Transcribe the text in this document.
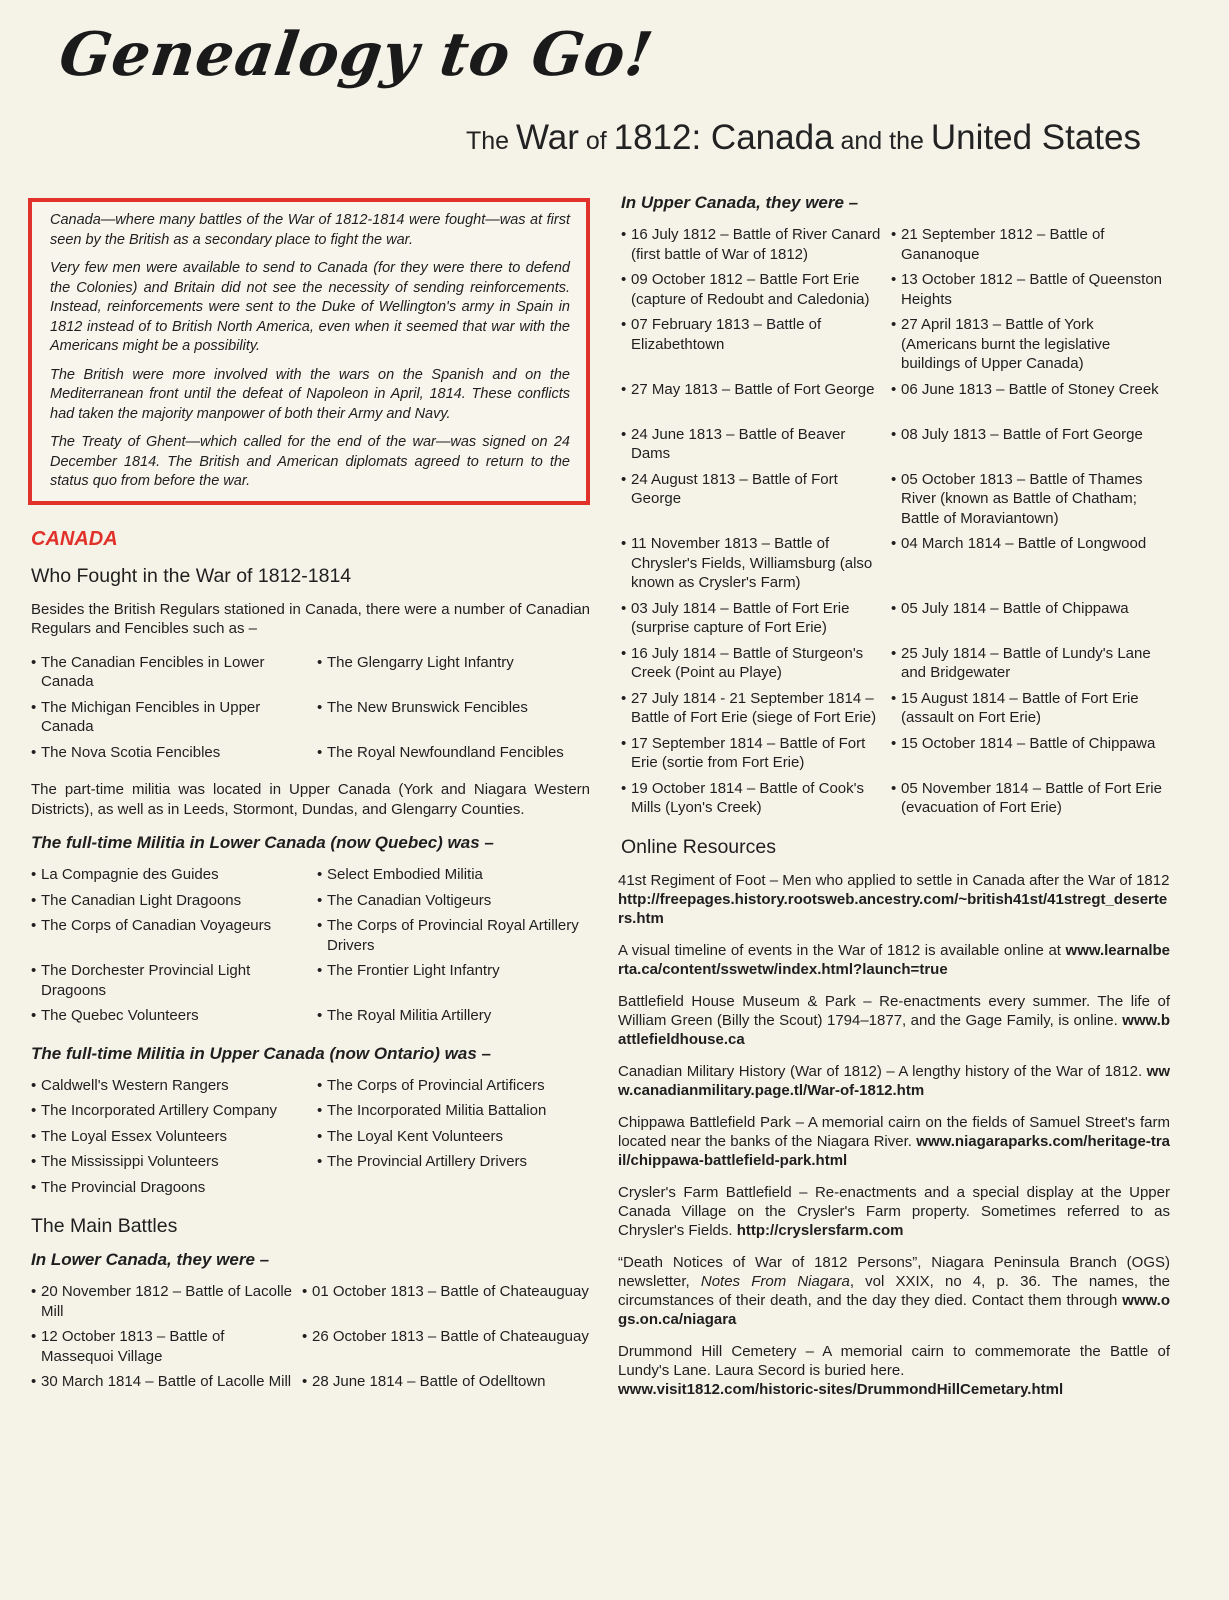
Genealogy to Go!
The War of 1812: Canada and the United States

Canada—where many battles of the War of 1812-1814 were fought—was at first seen by the British as a secondary place to fight the war.

Very few men were available to send to Canada (for they were there to defend the Colonies) and Britain did not see the necessity of sending reinforcements. Instead, reinforcements were sent to the Duke of Wellington's army in Spain in 1812 instead of to British North America, even when it seemed that war with the Americans might be a possibility.

The British were more involved with the wars on the Spanish and on the Mediterranean front until the defeat of Napoleon in April, 1814. These conflicts had taken the majority manpower of both their Army and Navy.

The Treaty of Ghent—which called for the end of the war—was signed on 24 December 1814. The British and American diplomats agreed to return to the status quo from before the war.

CANADA
Who Fought in the War of 1812-1814

Besides the British Regulars stationed in Canada, there were a number of Canadian Regulars and Fencibles such as –

• The Canadian Fencibles in Lower Canada
• The Glengarry Light Infantry
• The Michigan Fencibles in Upper Canada
• The New Brunswick Fencibles
• The Nova Scotia Fencibles	• The Royal Newfoundland Fencibles

The part-time militia was located in Upper Canada (York and Niagara Western Districts), as well as in Leeds, Stormont, Dundas, and Glengarry Counties.

The full-time Militia in Lower Canada (now Quebec) was –
• La Compagnie des Guides	• Select Embodied Militia
• The Canadian Light Dragoons	• The Canadian Voltigeurs
• The Corps of Canadian Voyageurs	• The Corps of Provincial Royal Artillery Drivers
• The Dorchester Provincial Light Dragoons
• The Frontier Light Infantry
• The Quebec Volunteers	• The Royal Militia Artillery
The full-time Militia in Upper Canada (now Ontario) was –
• Caldwell's Western Rangers	• The Corps of Provincial Artificers
• The Incorporated Artillery Company	• The Incorporated Militia Battalion
• The Loyal Essex Volunteers	• The Loyal Kent Volunteers
• The Mississippi Volunteers	• The Provincial Artillery Drivers
• The Provincial Dragoons
The Main Battles
In Lower Canada, they were –
• 20 November 1812 – Battle of Lacolle Mill
• 01 October 1813 – Battle of Chateauguay
• 12 October 1813 – Battle of Massequoi Village
• 26 October 1813 – Battle of Chateauguay
• 30 March 1814 – Battle of Lacolle Mill	• 28 June 1814 – Battle of Odelltown
In Upper Canada, they were –
• 16 July 1812 – Battle of River Canard (first battle of War of 1812)
• 21 September 1812 – Battle of Gananoque
• 09 October 1812 – Battle Fort Erie (capture of Redoubt and Caledonia)
• 13 October 1812 – Battle of Queenston Heights
• 07 February 1813 – Battle of Elizabethtown
• 27 April 1813 – Battle of York (Americans burnt the legislative buildings of Upper Canada)
• 27 May 1813 – Battle of Fort George	• 06 June 1813 – Battle of Stoney Creek
• 24 June 1813 – Battle of Beaver Dams
• 08 July 1813 – Battle of Fort George
• 24 August 1813 – Battle of Fort George
• 05 October 1813 – Battle of Thames River (known as Battle of Chatham; Battle of Moraviantown)
• 11 November 1813 – Battle of Chrysler's Fields, Williamsburg (also known as Crysler's Farm)
• 04 March 1814 – Battle of Longwood
• 03 July 1814 – Battle of Fort Erie (surprise capture of Fort Erie)
• 05 July 1814 – Battle of Chippawa
• 16 July 1814 – Battle of Sturgeon's Creek (Point au Playe)
• 25 July 1814 – Battle of Lundy's Lane and Bridgewater
• 27 July 1814 - 21 September 1814 – Battle of Fort Erie (siege of Fort Erie)
• 15 August 1814 – Battle of Fort Erie (assault on Fort Erie)
• 17 September 1814 – Battle of Fort Erie (sortie from Fort Erie)
• 15 October 1814 – Battle of Chippawa
• 19 October 1814 – Battle of Cook's Mills (Lyon's Creek)
• 05 November 1814 – Battle of Fort Erie (evacuation of Fort Erie)
Online Resources

41st Regiment of Foot – Men who applied to settle in Canada after the War of 1812
http://freepages.history.rootsweb.ancestry.com/~british41st/41stregt_deserters.htm

A visual timeline of events in the War of 1812 is available online at www.learnalberta.ca/content/sswetw/index.html?launch=true

Battlefield House Museum & Park – Re-enactments every summer. The life of William Green (Billy the Scout) 1794–1877, and the Gage Family, is online. www.battlefieldhouse.ca

Canadian Military History (War of 1812) – A lengthy history of the War of 1812. www.canadianmilitary.page.tl/War-of-1812.htm

Chippawa Battlefield Park – A memorial cairn on the fields of Samuel Street's farm located near the banks of the Niagara River. www.niagaraparks.com/heritage-trail/chippawa-battlefield-park.html

Crysler's Farm Battlefield – Re-enactments and a special display at the Upper Canada Village on the Crysler's Farm property. Sometimes referred to as Chrysler's Fields. http://cryslersfarm.com

“Death Notices of War of 1812 Persons”, Niagara Peninsula Branch (OGS) newsletter, Notes From Niagara, vol XXIX, no 4, p. 36. The names, the circumstances of their death, and the day they died. Contact them through www.ogs.on.ca/niagara

Drummond Hill Cemetery – A memorial cairn to commemorate the Battle of Lundy's Lane. Laura Secord is buried here.
www.visit1812.com/historic-sites/DrummondHillCemetary.html
